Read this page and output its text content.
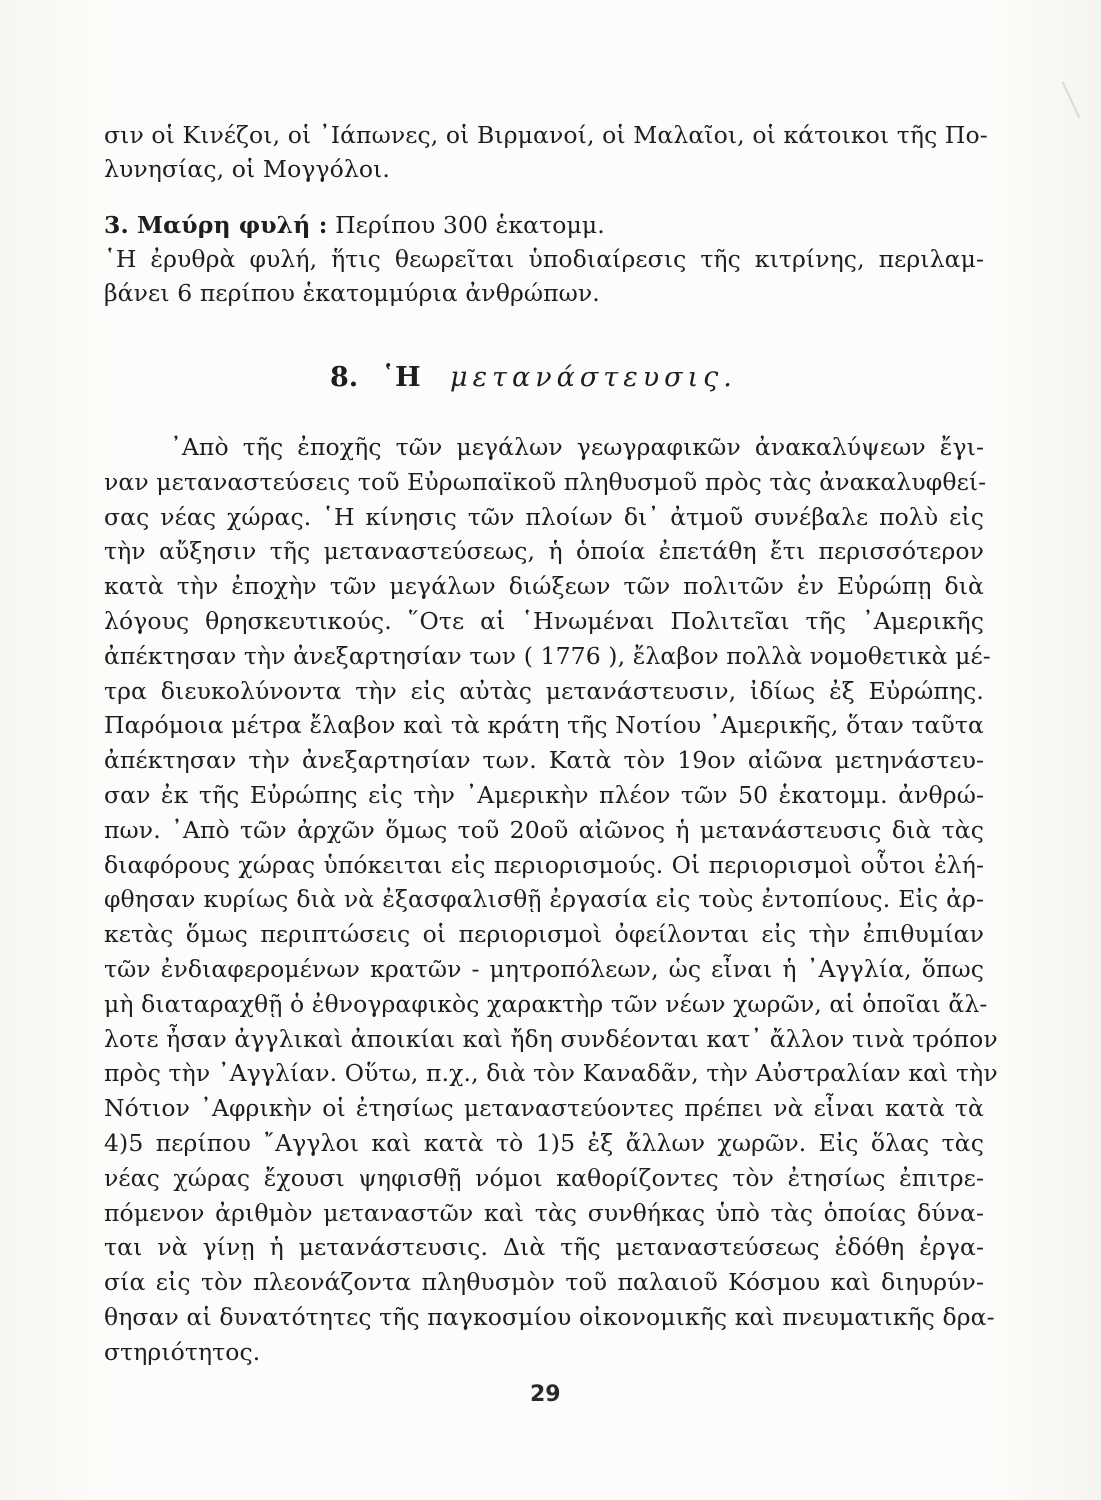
σιν οἱ Κινέζοι, οἱ ᾿Ιάπωνες, οἱ Βιρμανοί, οἱ Μαλαῖοι, οἱ κάτοικοι τῆς Πο-
λυνησίας, οἱ Μογγόλοι.
3. Μαύρη φυλή : Περίπου 300 ἑκατομμ.
῾Η ἐρυθρὰ φυλή, ἥτις θεωρεῖται ὑποδιαίρεσις τῆς κιτρίνης, περιλαμ-
βάνει 6 περίπου ἑκατομμύρια ἀνθρώπων.
8. ῾Η μετανάστευσις.
᾿Απὸ τῆς ἐποχῆς τῶν μεγάλων γεωγραφικῶν ἀνακαλύψεων ἔγι-
ναν μεταναστεύσεις τοῦ Εὐρωπαϊκοῦ πληθυσμοῦ πρὸς τὰς ἀνακαλυφθεί-
σας νέας χώρας. ῾Η κίνησις τῶν πλοίων δι᾿ ἀτμοῦ συνέβαλε πολὺ εἰς
τὴν αὔξησιν τῆς μεταναστεύσεως, ἡ ὁποία ἐπετάθη ἔτι περισσότερον
κατὰ τὴν ἐποχὴν τῶν μεγάλων διώξεων τῶν πολιτῶν ἐν Εὐρώπῃ διὰ
λόγους θρησκευτικούς. ῞Οτε αἱ ῾Ηνωμέναι Πολιτεῖαι τῆς ᾿Αμερικῆς
ἀπέκτησαν τὴν ἀνεξαρτησίαν των ( 1776 ), ἔλαβον πολλὰ νομοθετικὰ μέ-
τρα διευκολύνοντα τὴν εἰς αὐτὰς μετανάστευσιν, ἰδίως ἐξ Εὐρώπης.
Παρόμοια μέτρα ἔλαβον καὶ τὰ κράτη τῆς Νοτίου ᾿Αμερικῆς, ὅταν ταῦτα
ἀπέκτησαν τὴν ἀνεξαρτησίαν των. Κατὰ τὸν 19ον αἰῶνα μετηνάστευ-
σαν ἐκ τῆς Εὐρώπης εἰς τὴν ᾿Αμερικὴν πλέον τῶν 50 ἑκατομμ. ἀνθρώ-
πων. ᾿Απὸ τῶν ἀρχῶν ὅμως τοῦ 20οῦ αἰῶνος ἡ μετανάστευσις διὰ τὰς
διαφόρους χώρας ὑπόκειται εἰς περιορισμούς. Οἱ περιορισμοὶ οὗτοι ἐλή-
φθησαν κυρίως διὰ νὰ ἐξασφαλισθῇ ἐργασία εἰς τοὺς ἐντοπίους. Εἰς ἀρ-
κετὰς ὅμως περιπτώσεις οἱ περιορισμοὶ ὀφείλονται εἰς τὴν ἐπιθυμίαν
τῶν ἐνδιαφερομένων κρατῶν - μητροπόλεων, ὡς εἶναι ἡ ᾿Αγγλία, ὅπως
μὴ διαταραχθῇ ὁ ἐθνογραφικὸς χαρακτὴρ τῶν νέων χωρῶν, αἱ ὁποῖαι ἄλ-
λοτε ἦσαν ἀγγλικαὶ ἀποικίαι καὶ ἤδη συνδέονται κατ᾿ ἄλλον τινὰ τρόπον
πρὸς τὴν ᾿Αγγλίαν. Οὕτω, π.χ., διὰ τὸν Καναδᾶν, τὴν Αὐστραλίαν καὶ τὴν
Νότιον ᾿Αφρικὴν οἱ ἐτησίως μεταναστεύοντες πρέπει νὰ εἶναι κατὰ τὰ
4)5 περίπου ῎Αγγλοι καὶ κατὰ τὸ 1)5 ἐξ ἄλλων χωρῶν. Εἰς ὅλας τὰς
νέας χώρας ἔχουσι ψηφισθῇ νόμοι καθορίζοντες τὸν ἐτησίως ἐπιτρε-
πόμενον ἀριθμὸν μεταναστῶν καὶ τὰς συνθήκας ὑπὸ τὰς ὁποίας δύνα-
ται νὰ γίνῃ ἡ μετανάστευσις. Διὰ τῆς μεταναστεύσεως ἐδόθη ἐργα-
σία εἰς τὸν πλεονάζοντα πληθυσμὸν τοῦ παλαιοῦ Κόσμου καὶ διηυρύν-
θησαν αἱ δυνατότητες τῆς παγκοσμίου οἰκονομικῆς καὶ πνευματικῆς δρα-
στηριότητος.
29
